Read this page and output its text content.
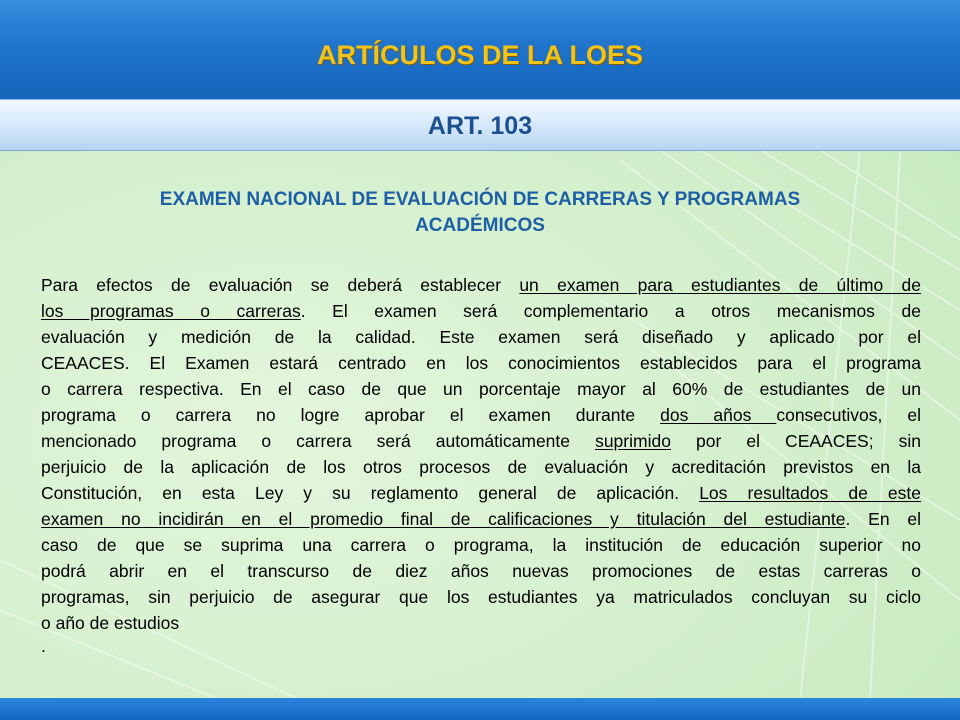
ARTÍCULOS DE LA LOES
ART. 103
EXAMEN NACIONAL DE EVALUACIÓN DE CARRERAS Y PROGRAMAS
ACADÉMICOS
Para efectos de evaluación se deberá establecer un examen para estudiantes de último de
los programas o carreras. El examen será complementario a otros mecanismos de
evaluación y medición de la calidad. Este examen será diseñado y aplicado por el
CEAACES. El Examen estará centrado en los conocimientos establecidos para el programa
o carrera respectiva. En el caso de que un porcentaje mayor al 60% de estudiantes de un
programa o carrera no logre aprobar el examen durante dos años consecutivos, el
mencionado programa o carrera será automáticamente suprimido por el CEAACES; sin
perjuicio de la aplicación de los otros procesos de evaluación y acreditación previstos en la
Constitución, en esta Ley y su reglamento general de aplicación. Los resultados de este
examen no incidirán en el promedio final de calificaciones y titulación del estudiante. En el
caso de que se suprima una carrera o programa, la institución de educación superior no
podrá abrir en el transcurso de diez años nuevas promociones de estas carreras o
programas, sin perjuicio de asegurar que los estudiantes ya matriculados concluyan su ciclo
o año de estudios
.
